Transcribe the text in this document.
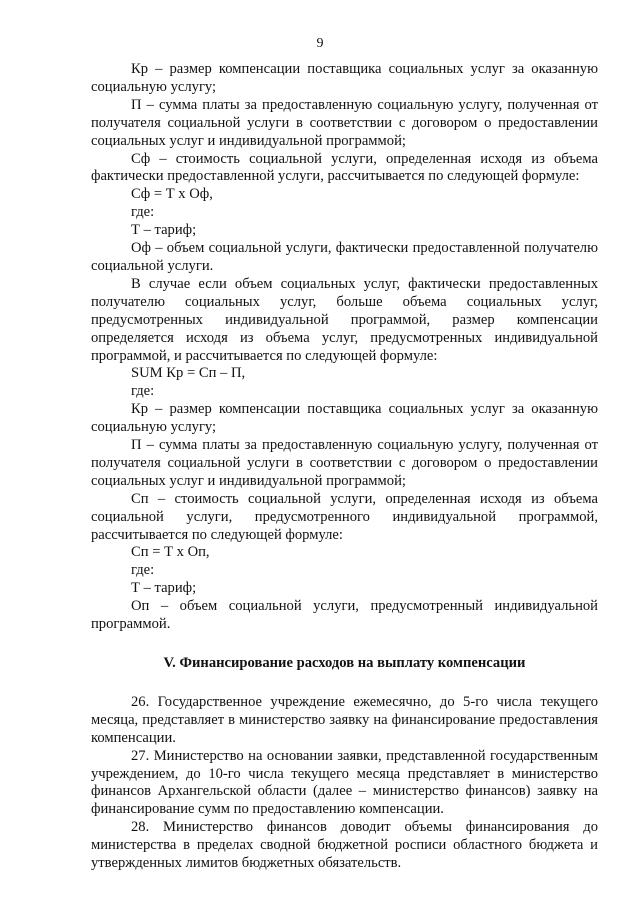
9

Кр – размер компенсации поставщика социальных услуг за оказанную социальную услугу;

П – сумма платы за предоставленную социальную услугу, полученная от получателя социальной услуги в соответствии с договором о предоставлении социальных услуг и индивидуальной программой;

Сф – стоимость социальной услуги, определенная исходя из объема фактически предоставленной услуги, рассчитывается по следующей формуле:

Сф = Т х Оф,

где:

Т – тариф;

Оф – объем социальной услуги, фактически предоставленной получателю социальной услуги.

В случае если объем социальных услуг, фактически предоставленных получателю социальных услуг, больше объема социальных услуг, предусмотренных индивидуальной программой, размер компенсации определяется исходя из объема услуг, предусмотренных индивидуальной программой, и рассчитывается по следующей формуле:

SUM Кр = Сп – П,

где:

Кр – размер компенсации поставщика социальных услуг за оказанную социальную услугу;

П – сумма платы за предоставленную социальную услугу, полученная от получателя социальной услуги в соответствии с договором о предоставлении социальных услуг и индивидуальной программой;

Сп – стоимость социальной услуги, определенная исходя из объема социальной услуги, предусмотренного индивидуальной программой, рассчитывается по следующей формуле:

Сп = Т х Оп,

где:

Т – тариф;

Оп – объем социальной услуги, предусмотренный индивидуальной программой.

V. Финансирование расходов на выплату компенсации

26. Государственное учреждение ежемесячно, до 5-го числа текущего месяца, представляет в министерство заявку на финансирование предоставления компенсации.

27. Министерство на основании заявки, представленной государственным учреждением, до 10-го числа текущего месяца представляет в министерство финансов Архангельской области (далее – министерство финансов) заявку на финансирование сумм по предоставлению компенсации.

28. Министерство финансов доводит объемы финансирования до министерства в пределах сводной бюджетной росписи областного бюджета и утвержденных лимитов бюджетных обязательств.
